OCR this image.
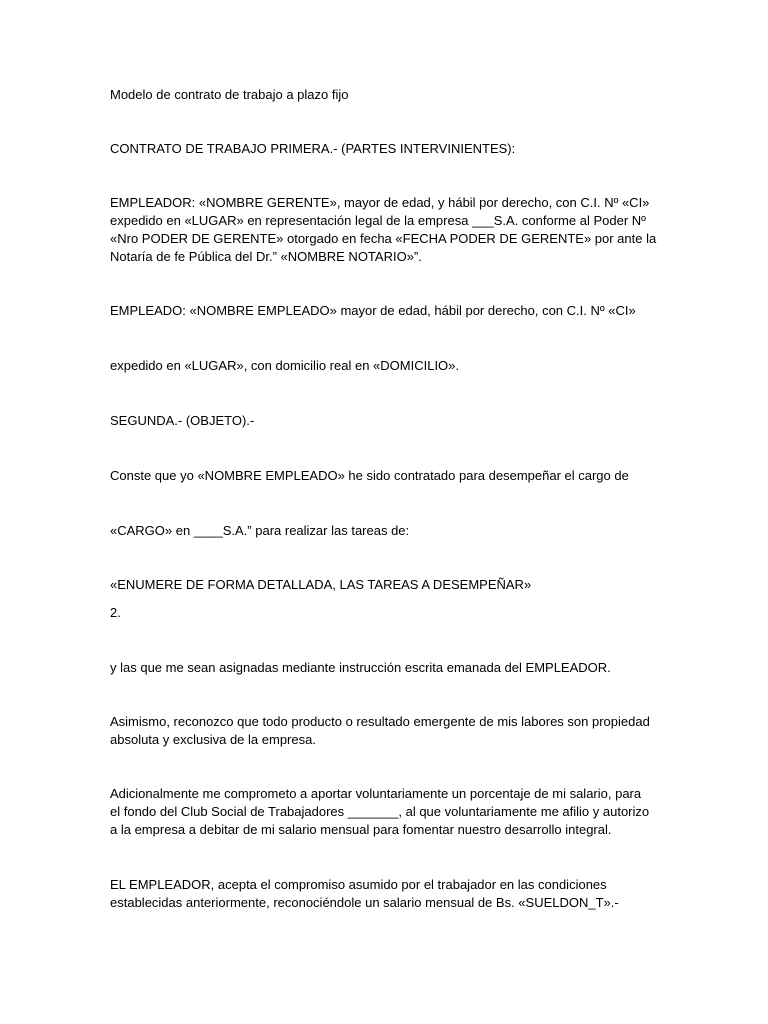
Modelo de contrato de trabajo a plazo fijo

CONTRATO DE TRABAJO PRIMERA.- (PARTES INTERVINIENTES):

EMPLEADOR: «NOMBRE GERENTE», mayor de edad, y hábil por derecho, con C.I. Nº «CI»
expedido en «LUGAR» en representación legal de la empresa ___S.A. conforme al Poder Nº
«Nro PODER DE GERENTE» otorgado en fecha «FECHA PODER DE GERENTE» por ante la
Notaría de fe Pública del Dr.” «NOMBRE NOTARIO»”.

EMPLEADO: «NOMBRE EMPLEADO» mayor de edad, hábil por derecho, con C.I. Nº «CI»

expedido en «LUGAR», con domicilio real en «DOMICILIO».

SEGUNDA.- (OBJETO).-

Conste que yo «NOMBRE EMPLEADO» he sido contratado para desempeñar el cargo de

«CARGO» en ____S.A.” para realizar las tareas de:

«ENUMERE DE FORMA DETALLADA, LAS TAREAS A DESEMPEÑAR»

2.

y las que me sean asignadas mediante instrucción escrita emanada del EMPLEADOR.

Asimismo, reconozco que todo producto o resultado emergente de mis labores son propiedad
absoluta y exclusiva de la empresa.

Adicionalmente me comprometo a aportar voluntariamente un porcentaje de mi salario, para
el fondo del Club Social de Trabajadores _______, al que voluntariamente me afilio y autorizo
a la empresa a debitar de mi salario mensual para fomentar nuestro desarrollo integral.

EL EMPLEADOR, acepta el compromiso asumido por el trabajador en las condiciones
establecidas anteriormente, reconociéndole un salario mensual de Bs. «SUELDON_T».-
